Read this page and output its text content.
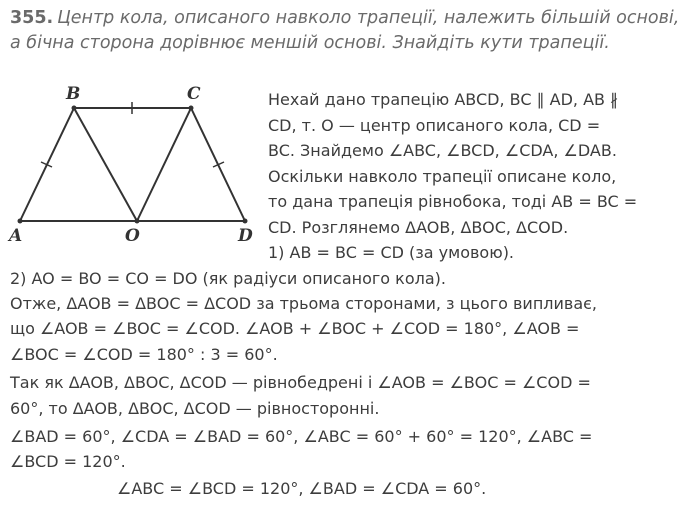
355. Центр кола, описаного навколо трапеції, належить більшій основі, а бічна сторона дорівнює меншій основі. Знайдіть кути трапеції.
B	C
A	O	D
Нехай дано трапецію ABCD, BC ∥ AD, AB ∦
CD, т. O — центр описаного кола, CD =
BC. Знайдемо ∠ABC, ∠BCD, ∠CDA, ∠DAB.
Оскільки навколо трапеції описане коло,
то дана трапеція рівнобока, тоді AB = BC =
CD. Розглянемо ΔAOB, ΔBOC, ΔCOD.
1) AB = BC = CD (за умовою).
2) AO = BO = CO = DO (як радіуси описаного кола).
Отже, ΔAOB = ΔBOC = ΔCOD за трьома сторонами, з цього випливає,
що ∠AOB = ∠BOC = ∠COD. ∠AOB + ∠BOC + ∠COD = 180°, ∠AOB =
∠BOC = ∠COD = 180° : 3 = 60°.
Так як ΔAOB, ΔBOC, ΔCOD — рівнобедрені і ∠AOB = ∠BOC = ∠COD =
60°, то ΔAOB, ΔBOC, ΔCOD — рівносторонні.
∠BAD = 60°, ∠CDA = ∠BAD = 60°, ∠ABC = 60° + 60° = 120°, ∠ABC =
∠BCD = 120°.
∠ABC = ∠BCD = 120°, ∠BAD = ∠CDA = 60°.
